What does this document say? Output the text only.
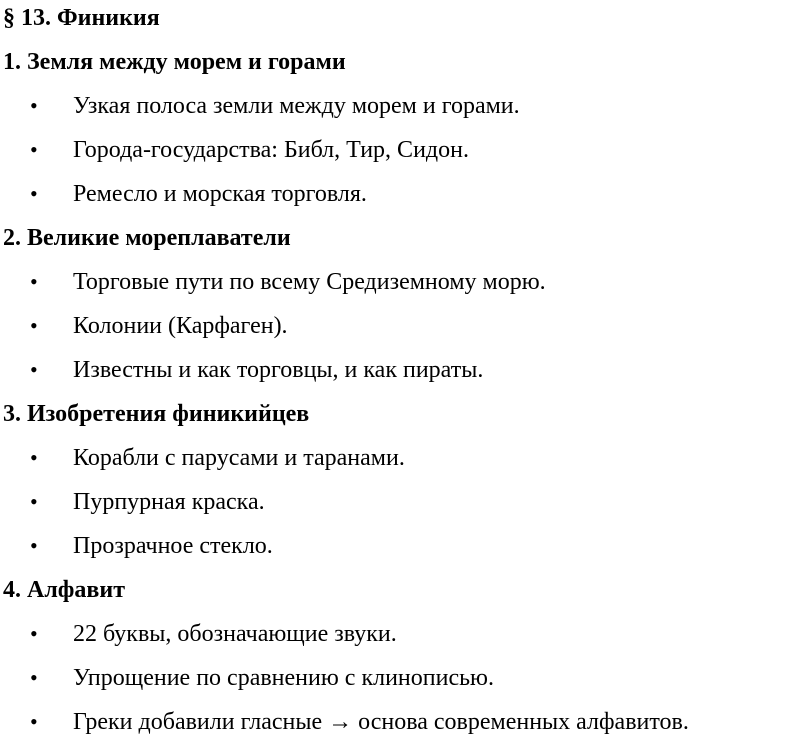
§ 13. Финикия
1. Земля между морем и горами
• Узкая полоса земли между морем и горами.
• Города-государства: Библ, Тир, Сидон.
• Ремесло и морская торговля.
2. Великие мореплаватели
• Торговые пути по всему Средиземному морю.
• Колонии (Карфаген).
• Известны и как торговцы, и как пираты.
3. Изобретения финикийцев
• Корабли с парусами и таранами.
• Пурпурная краска.
• Прозрачное стекло.
4. Алфавит
• 22 буквы, обозначающие звуки.
• Упрощение по сравнению с клинописью.
• Греки добавили гласные → основа современных алфавитов.
